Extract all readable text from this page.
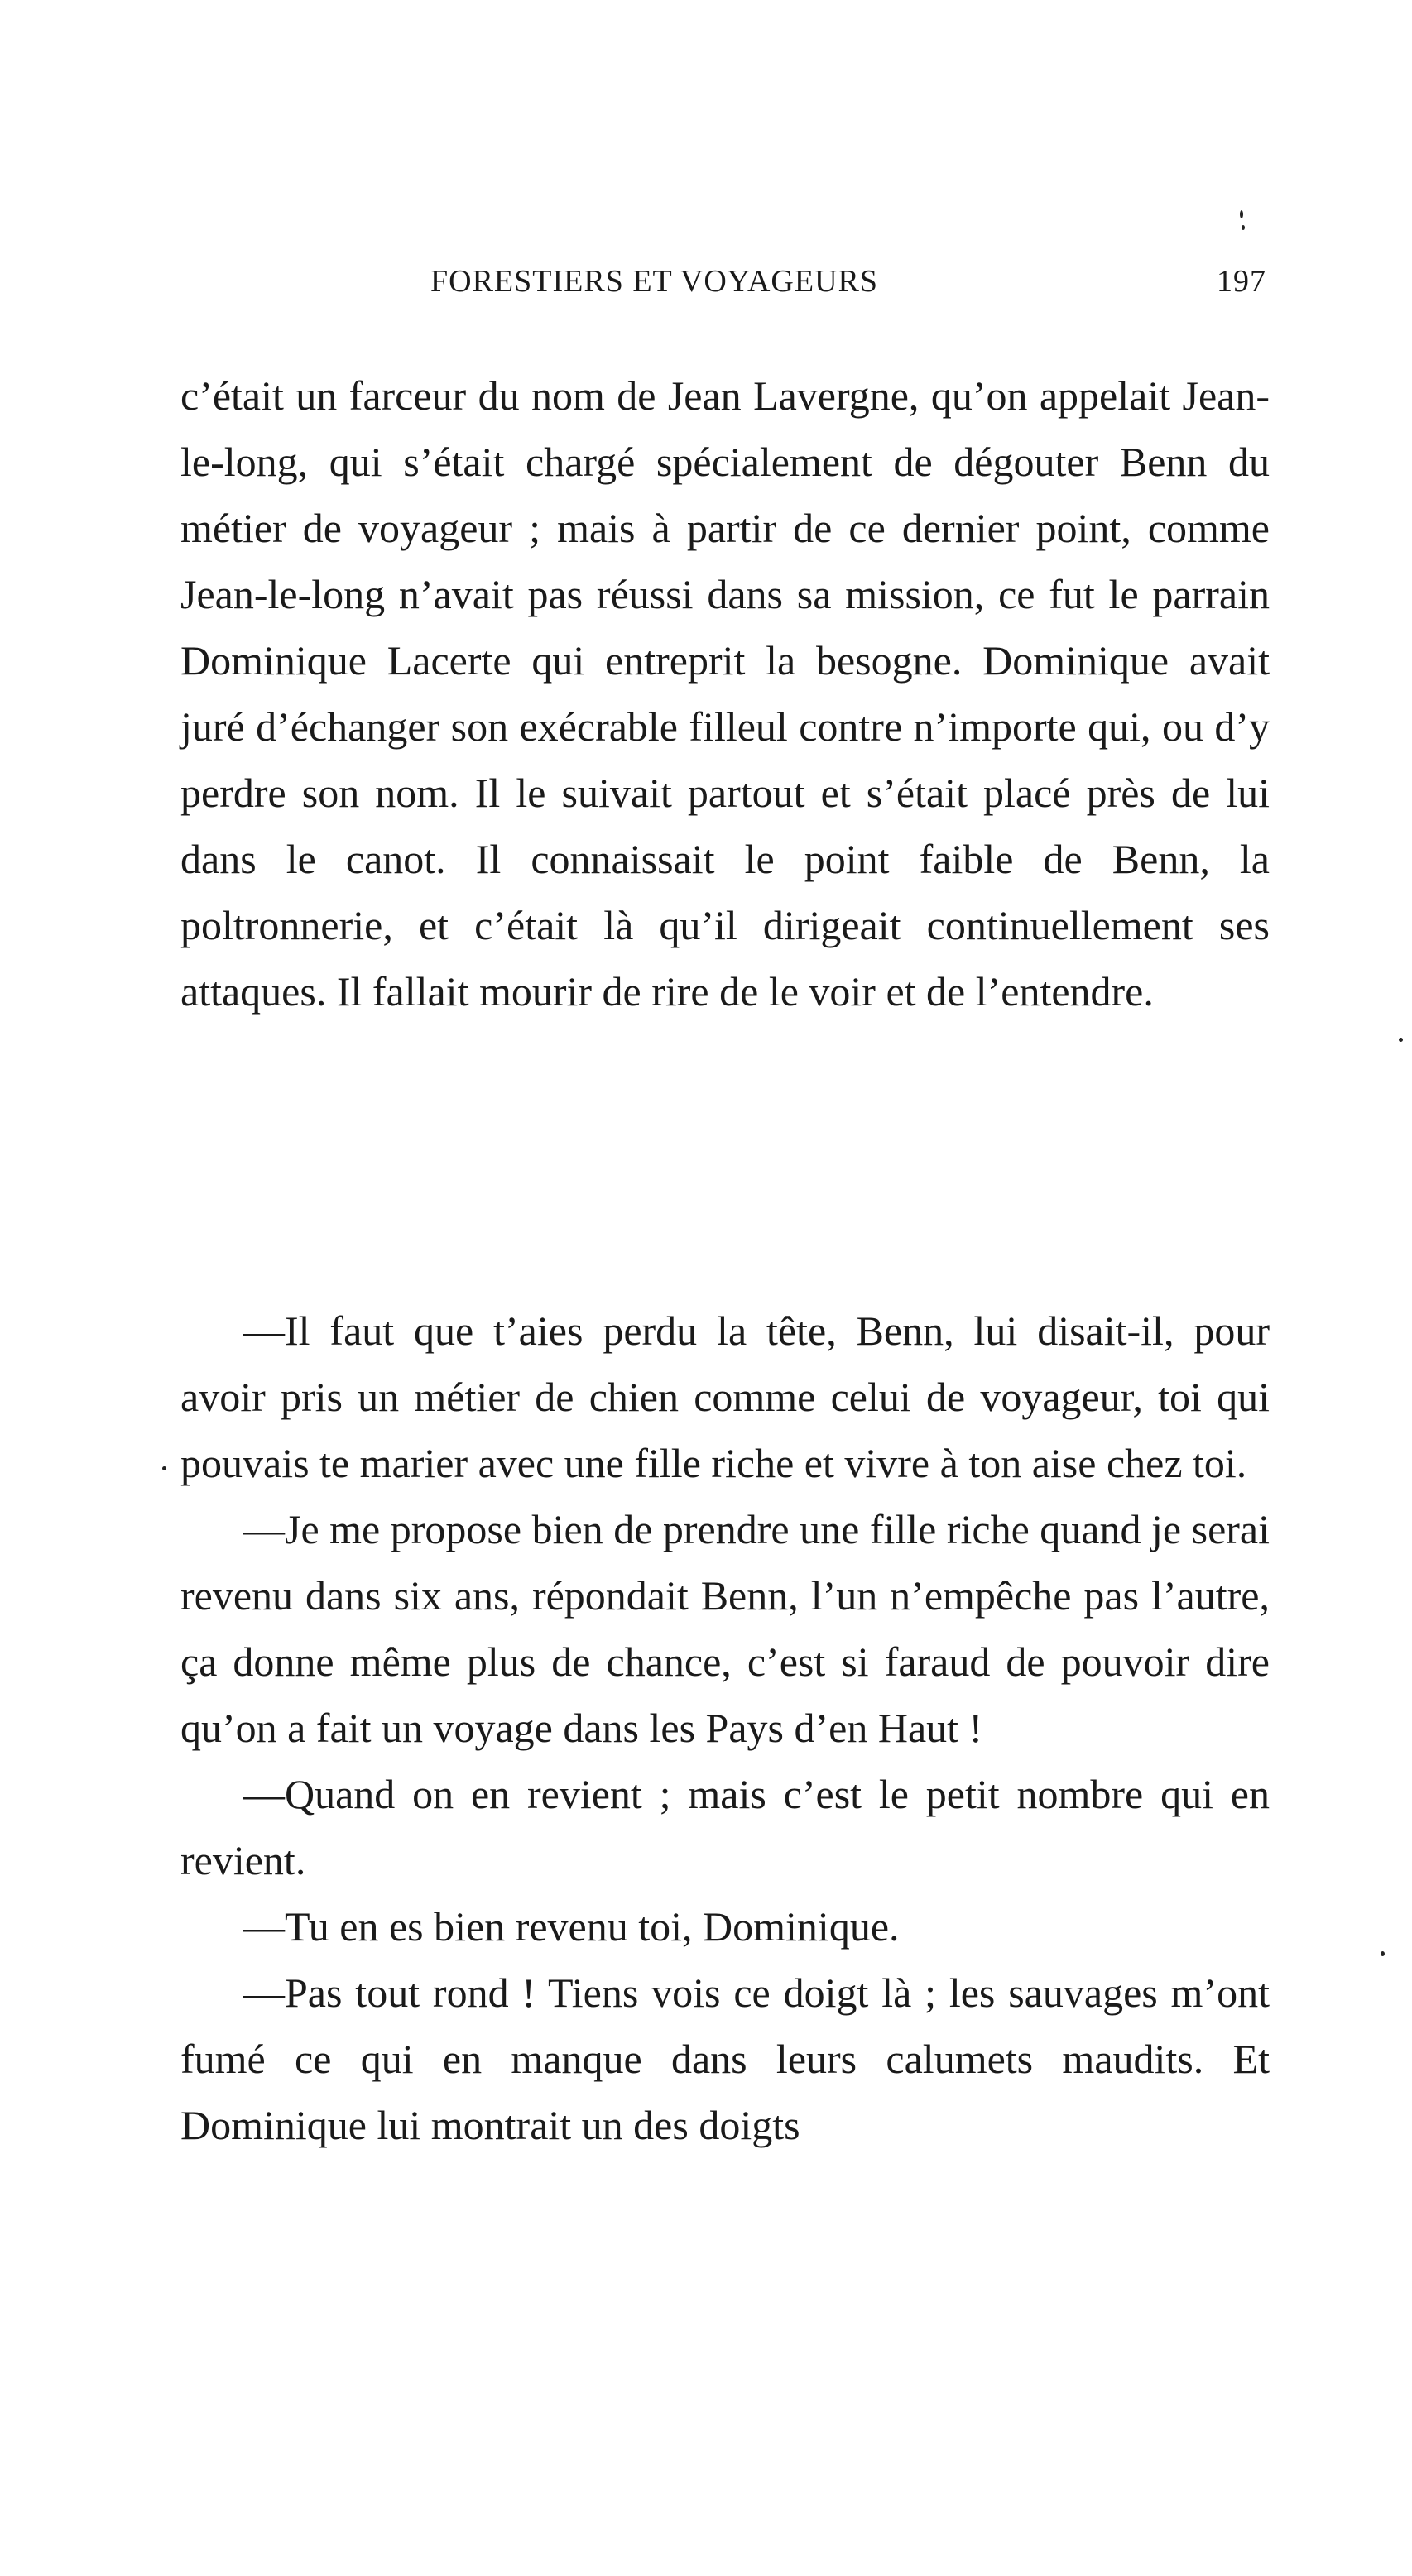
FORESTIERS ET VOYAGEURS	197

c’était un farceur du nom de Jean Lavergne, qu’on appelait Jean-le-long, qui s’était chargé spécialement de dégouter Benn du métier de voyageur ; mais à partir de ce dernier point, comme Jean-le-long n’avait pas réussi dans sa mission, ce fut le parrain Dominique Lacerte qui entreprit la besogne. Dominique avait juré d’échanger son exécrable filleul contre n’importe qui, ou d’y perdre son nom. Il le suivait partout et s’était placé près de lui dans le canot. Il connaissait le point faible de Benn, la poltronnerie, et c’était là qu’il dirigeait continuellement ses attaques. Il fallait mourir de rire de le voir et de l’entendre.

—Il faut que t’aies perdu la tête, Benn, lui disait-il, pour avoir pris un métier de chien comme celui de voyageur, toi qui pouvais te marier avec une fille riche et vivre à ton aise chez toi.

—Je me propose bien de prendre une fille riche quand je serai revenu dans six ans, répondait Benn, l’un n’empêche pas l’autre, ça donne même plus de chance, c’est si faraud de pouvoir dire qu’on a fait un voyage dans les Pays d’en Haut !

—Quand on en revient ; mais c’est le petit nombre qui en revient.

—Tu en es bien revenu toi, Dominique.

—Pas tout rond ! Tiens vois ce doigt là ; les sauvages m’ont fumé ce qui en manque dans leurs calumets maudits. Et Dominique lui montrait un des doigts
